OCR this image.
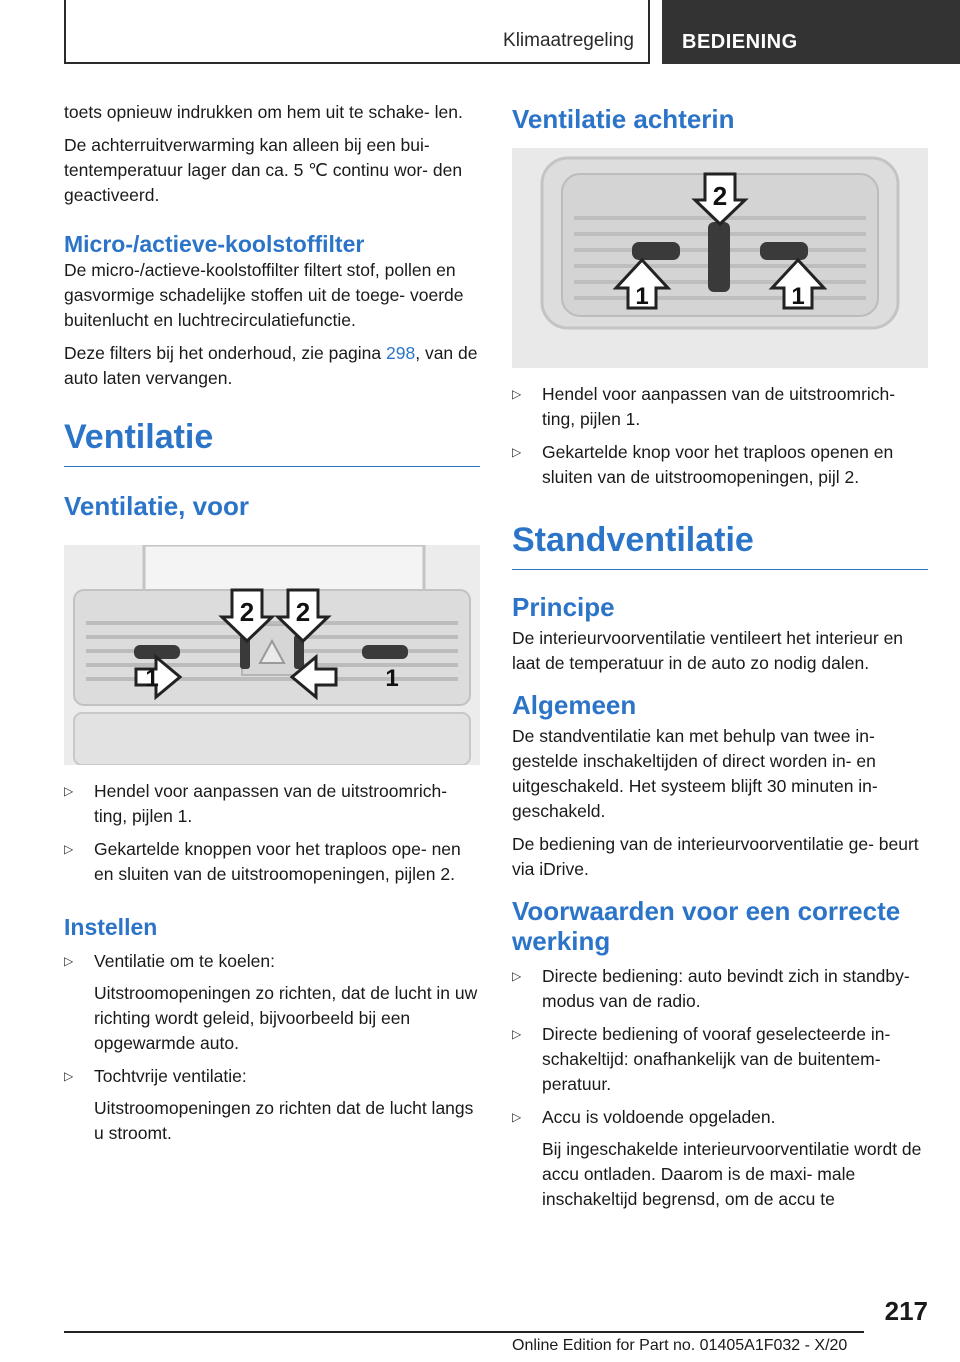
Klimaatregeling BEDIENING

toets opnieuw indrukken om hem uit te schake- len.

De achterruitverwarming kan alleen bij een bui- tentemperatuur lager dan ca. 5 ℃ continu wor- den geactiveerd.

Micro-/actieve-koolstoffilter

De micro-/actieve-koolstoffilter filtert stof, pollen en gasvormige schadelijke stoffen uit de toege- voerde buitenlucht en luchtrecirculatiefunctie.

Deze filters bij het onderhoud, zie pagina 298, van de auto laten vervangen.

Ventilatie
Ventilatie, voor
2 2
1	1
▷ Hendel voor aanpassen van de uitstroomrich- ting, pijlen 1.
▷ Gekartelde knoppen voor het traploos ope- nen en sluiten van de uitstroomopeningen, pijlen 2.
Instellen
▷ Ventilatie om te koelen:
Uitstroomopeningen zo richten, dat de lucht in uw richting wordt geleid, bijvoorbeeld bij een opgewarmde auto.
▷ Tochtvrije ventilatie:
Uitstroomopeningen zo richten dat de lucht langs u stroomt.
Ventilatie achterin
2
1	1
▷ Hendel voor aanpassen van de uitstroomrich- ting, pijlen 1.
▷ Gekartelde knop voor het traploos openen en sluiten van de uitstroomopeningen, pijl 2.
Standventilatie
Principe

De interieurvoorventilatie ventileert het interieur en laat de temperatuur in de auto zo nodig dalen.

Algemeen

De standventilatie kan met behulp van twee in- gestelde inschakeltijden of direct worden in- en uitgeschakeld. Het systeem blijft 30 minuten in- geschakeld.

De bediening van de interieurvoorventilatie ge- beurt via iDrive.

Voorwaarden voor een correcte werking
▷ Directe bediening: auto bevindt zich in standby-modus van de radio.
▷ Directe bediening of vooraf geselecteerde in- schakeltijd: onafhankelijk van de buitentem- peratuur.
▷ Accu is voldoende opgeladen.
Bij ingeschakelde interieurvoorventilatie wordt de accu ontladen. Daarom is de maxi- male inschakeltijd begrensd, om de accu te
217
Online Edition for Part no. 01405A1F032 - X/20
